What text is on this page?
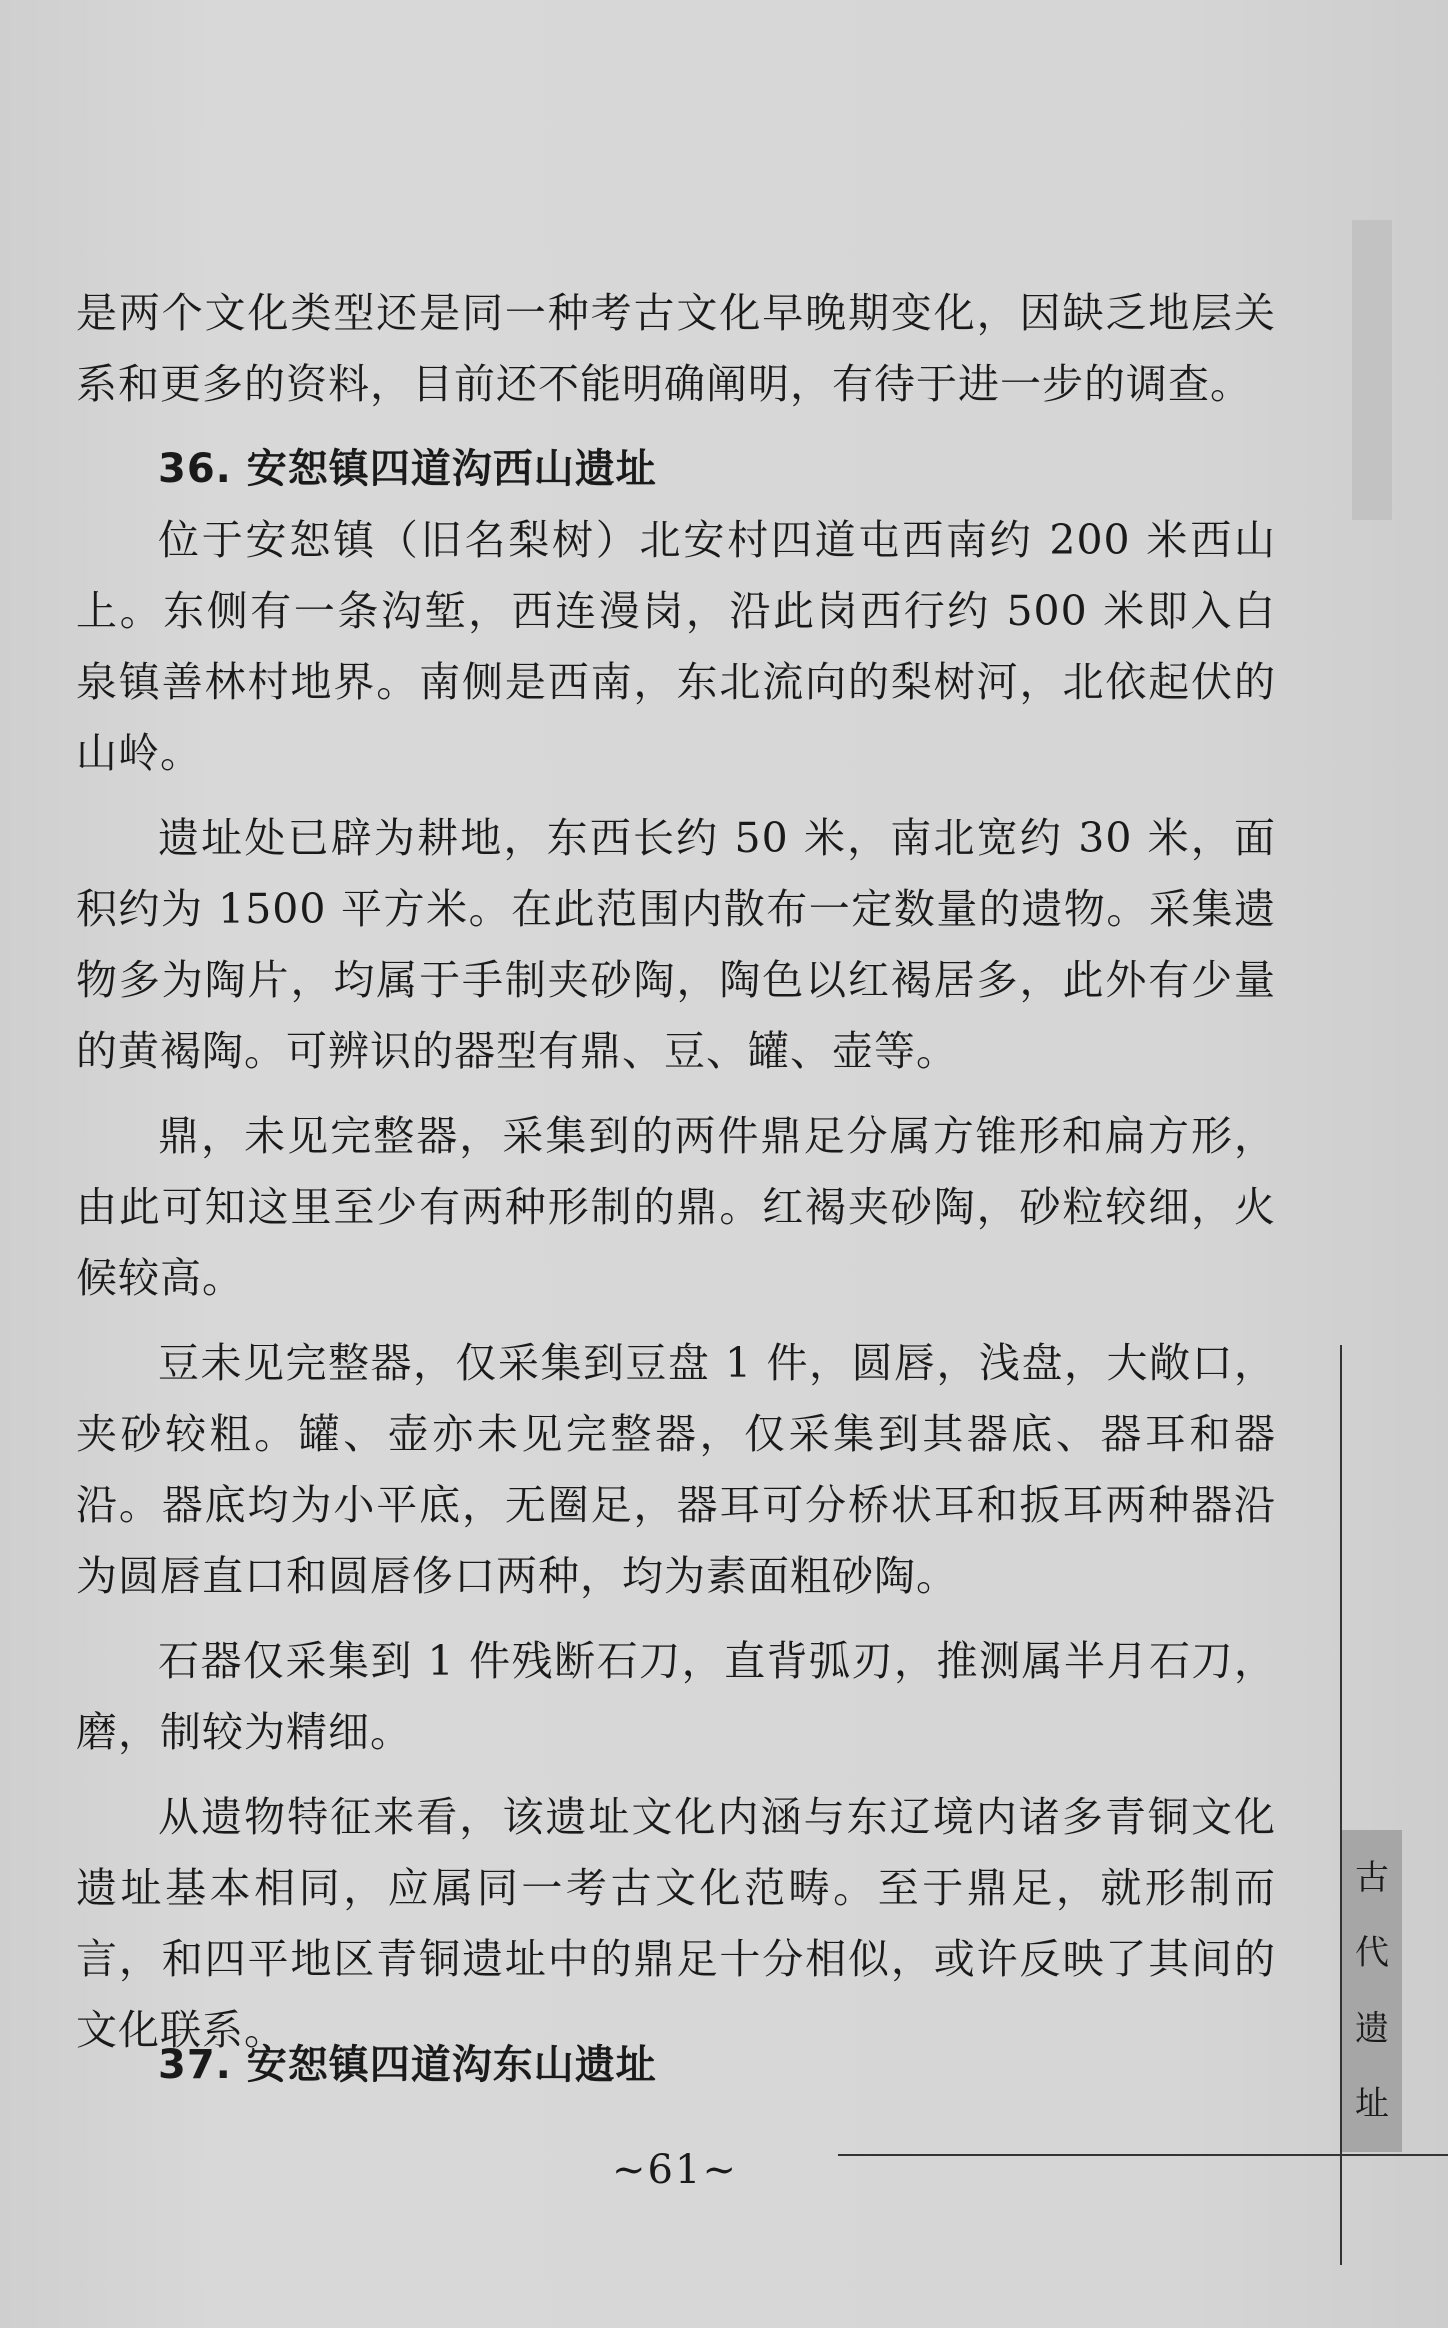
是两个文化类型还是同一种考古文化早晚期变化，因缺乏地层关系和更多的资料，目前还不能明确阐明，有待于进一步的调查。

36. 安恕镇四道沟西山遗址

位于安恕镇（旧名梨树）北安村四道屯西南约 200 米西山上。东侧有一条沟堑，西连漫岗，沿此岗西行约 500 米即入白泉镇善林村地界。南侧是西南，东北流向的梨树河，北依起伏的山岭。

遗址处已辟为耕地，东西长约 50 米，南北宽约 30 米，面积约为 1500 平方米。在此范围内散布一定数量的遗物。采集遗物多为陶片，均属于手制夹砂陶，陶色以红褐居多，此外有少量的黄褐陶。可辨识的器型有鼎、豆、罐、壶等。

鼎，未见完整器，采集到的两件鼎足分属方锥形和扁方形，由此可知这里至少有两种形制的鼎。红褐夹砂陶，砂粒较细，火候较高。

豆未见完整器，仅采集到豆盘 1 件，圆唇，浅盘，大敞口，夹砂较粗。罐、壶亦未见完整器，仅采集到其器底、器耳和器沿。器底均为小平底，无圈足，器耳可分桥状耳和扳耳两种器沿为圆唇直口和圆唇侈口两种，均为素面粗砂陶。

石器仅采集到 1 件残断石刀，直背弧刃，推测属半月石刀，磨，制较为精细。

从遗物特征来看，该遗址文化内涵与东辽境内诸多青铜文化遗址基本相同，应属同一考古文化范畴。至于鼎足，就形制而言，和四平地区青铜遗址中的鼎足十分相似，或许反映了其间的文化联系。

37. 安恕镇四道沟东山遗址
~61~
古
代
遗
址
